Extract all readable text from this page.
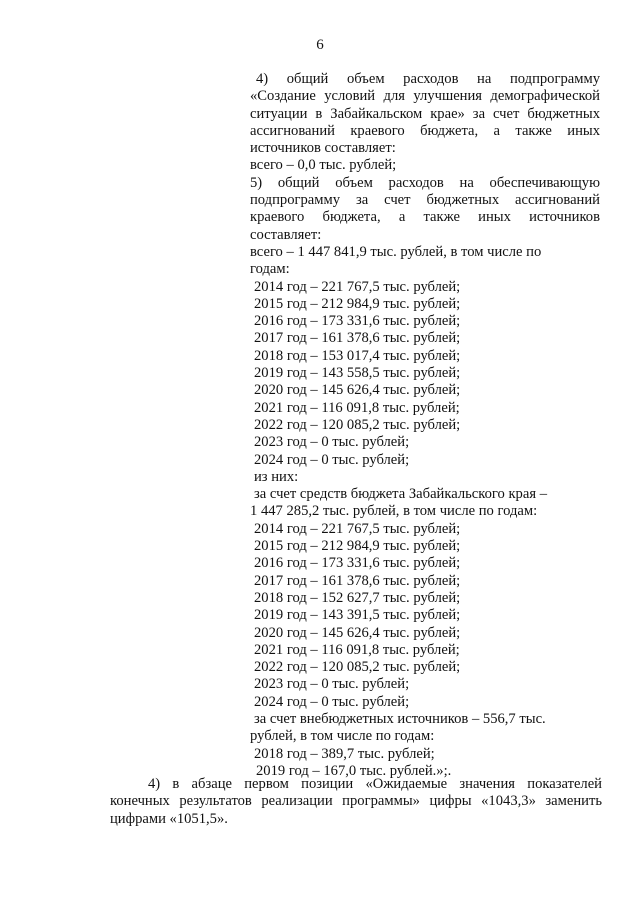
6
4) общий объем расходов на подпрограмму
«Создание условий для улучшения демографической
ситуации в Забайкальском крае» за счет бюджетных
ассигнований краевого бюджета, а также иных
источников составляет:
всего – 0,0 тыс. рублей;
5) общий объем расходов на обеспечивающую
подпрограмму за счет бюджетных ассигнований
краевого бюджета, а также иных источников
составляет:
всего – 1 447 841,9 тыс. рублей, в том числе по
годам:
2014 год – 221 767,5 тыс. рублей;
2015 год – 212 984,9 тыс. рублей;
2016 год – 173 331,6 тыс. рублей;
2017 год – 161 378,6 тыс. рублей;
2018 год – 153 017,4 тыс. рублей;
2019 год – 143 558,5 тыс. рублей;
2020 год – 145 626,4 тыс. рублей;
2021 год – 116 091,8 тыс. рублей;
2022 год – 120 085,2 тыс. рублей;
2023 год – 0 тыс. рублей;
2024 год – 0 тыс. рублей;
из них:
за счет средств бюджета Забайкальского края –
1 447 285,2 тыс. рублей, в том числе по годам:
2014 год – 221 767,5 тыс. рублей;
2015 год – 212 984,9 тыс. рублей;
2016 год – 173 331,6 тыс. рублей;
2017 год – 161 378,6 тыс. рублей;
2018 год – 152 627,7 тыс. рублей;
2019 год – 143 391,5 тыс. рублей;
2020 год – 145 626,4 тыс. рублей;
2021 год – 116 091,8 тыс. рублей;
2022 год – 120 085,2 тыс. рублей;
2023 год – 0 тыс. рублей;
2024 год – 0 тыс. рублей;
за счет внебюджетных источников – 556,7 тыс.
рублей, в том числе по годам:
2018 год – 389,7 тыс. рублей;
2019 год – 167,0 тыс. рублей.»;.
4) в абзаце первом позиции «Ожидаемые значения показателей
конечных результатов реализации программы» цифры «1043,3» заменить
цифрами «1051,5».
